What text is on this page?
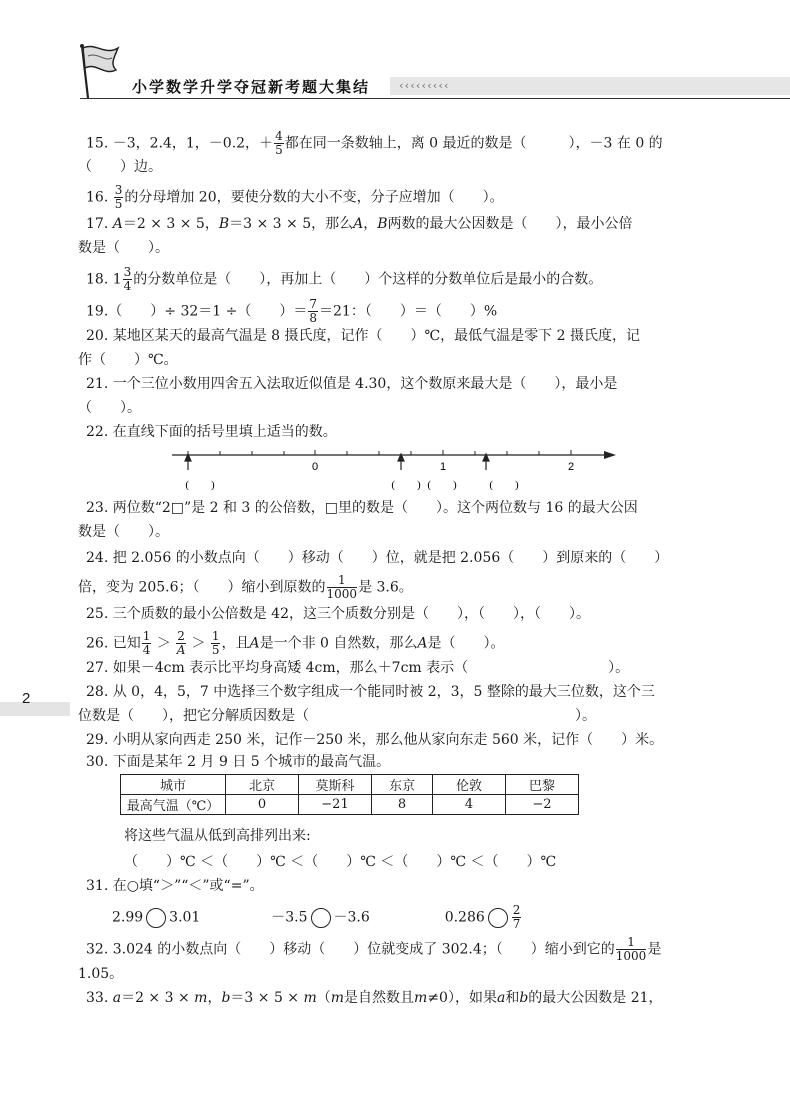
小学数学升学夺冠新考题大集结	‹‹‹‹‹‹‹‹‹
2
15. －3，2.4，1，－0.2，＋ $\frac{4}{5}$ 都在同一条数轴上，离 0 最近的数是（　　　），－3 在 0 的
（　　）边。
16. $\frac{3}{5}$ 的分母增加 20，要使分数的大小不变，分子应增加（　　）。
17. A＝2 × 3 × 5，B＝3 × 3 × 5，那么A，B两数的最大公因数是（　　），最小公倍
数是（　　）。
18. $1 \frac{3}{4}$ 的分数单位是（　　），再加上（　　）个这样的分数单位后是最小的合数。
19.（　　）÷ 32＝1 ÷（　　）＝ $\frac{7}{8} =21$：（　　）＝（　　）%
20. 某地区某天的最高气温是 8 摄氏度，记作（　　）℃，最低气温是零下 2 摄氏度，记
作（　　）℃。
21. 一个三位小数用四舍五入法取近似值是 4.30，这个数原来最大是（　　），最小是
（　　）。
22. 在直线下面的括号里填上适当的数。
0	1	2
(　　)	(　　) (　　)	(　　)
23. 两位数“2□”是 2 和 3 的公倍数，□里的数是（　　）。这个两位数与 16 的最大公因
数是（　　）。
24. 把 2.056 的小数点向（　　）移动（　　）位，就是把 2.056（　　）到原来的（　　）
倍，变为 205.6；（　　）缩小到原数的 $\frac{1}{1000}$ 是 3.6。
25. 三个质数的最小公倍数是 42，这三个质数分别是（　　），（　　），（　　）。
26. 已知 $\frac{1}{4} > \frac{2}{A} > \frac{1}{5}$ ，且A是一个非 0 自然数，那么A是（　　）。
27. 如果－4cm 表示比平均身高矮 4cm，那么＋7cm 表示（　　　　　　　　　　）。
28. 从 0，4，5，7 中选择三个数字组成一个能同时被 2，3，5 整除的最大三位数，这个三
位数是（　　），把它分解质因数是（　　　　　　　　　　　　　　　　　　　）。
29. 小明从家向西走 250 米，记作－250 米，那么他从家向东走 560 米，记作（　　）米。
30. 下面是某年 2 月 9 日 5 个城市的最高气温。
城市	北京	莫斯科	东京	伦敦	巴黎
最高气温（℃）	0	−21	8	4	−2
将这些气温从低到高排列出来:
（　　）℃ ＜（　　）℃ ＜（　　）℃ ＜（　　）℃ ＜（　　）℃
31. 在○填“＞”“＜”或“=”。
2.99 3.01	－3.5 －3.6	$0.286 \frac{2}{7}$
32. 3.024 的小数点向（　　）移动（　　）位就变成了 302.4；（　　）缩小到它的 $\frac{1}{1000}$ 是
1.05。
33. a＝2 × 3 × m，b＝3 × 5 × m（m是自然数且m≠0），如果a和b的最大公因数是 21，
